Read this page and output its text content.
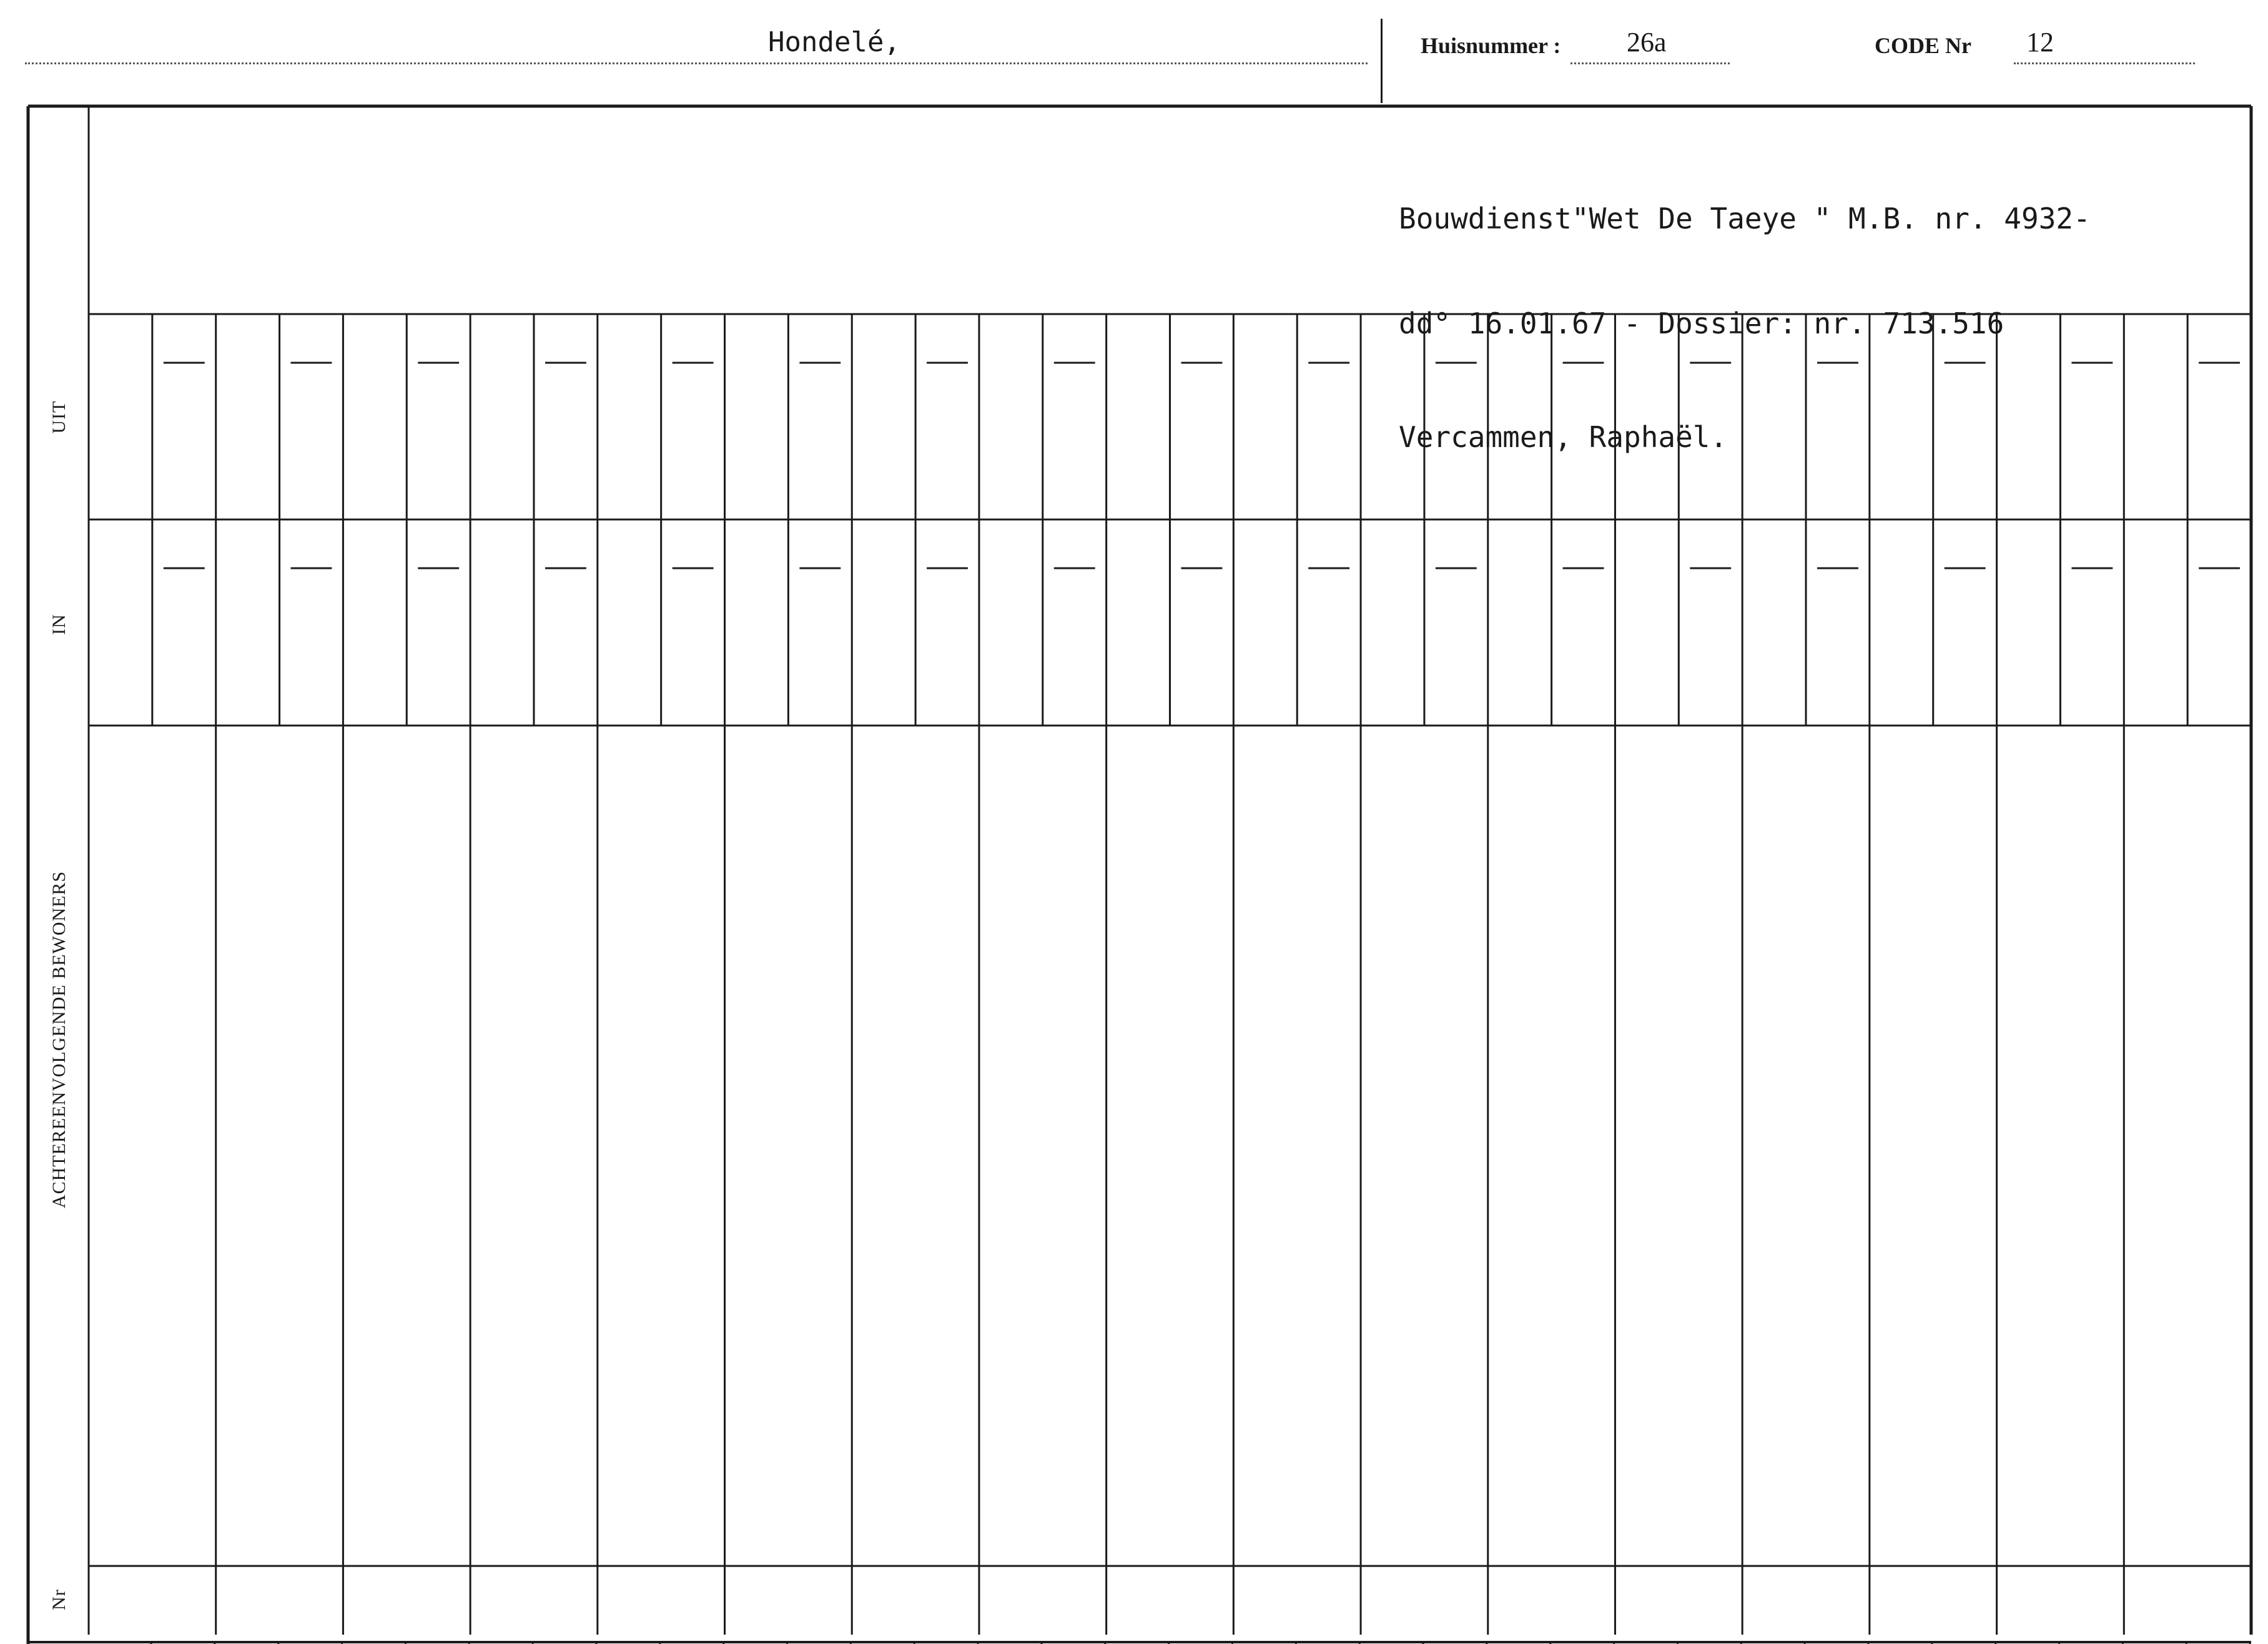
Hondelé,	Huisnummer : 26a	CODE Nr 12

Bouwdienst"Wet De Taeye " M.B. nr. 4932-

dd° 16.01.67 - Dossier: nr. 713.516

Vercammen, Raphaël.

UIT
IN
ACHTEREENVOLGENDE BEWONERS
Nr
